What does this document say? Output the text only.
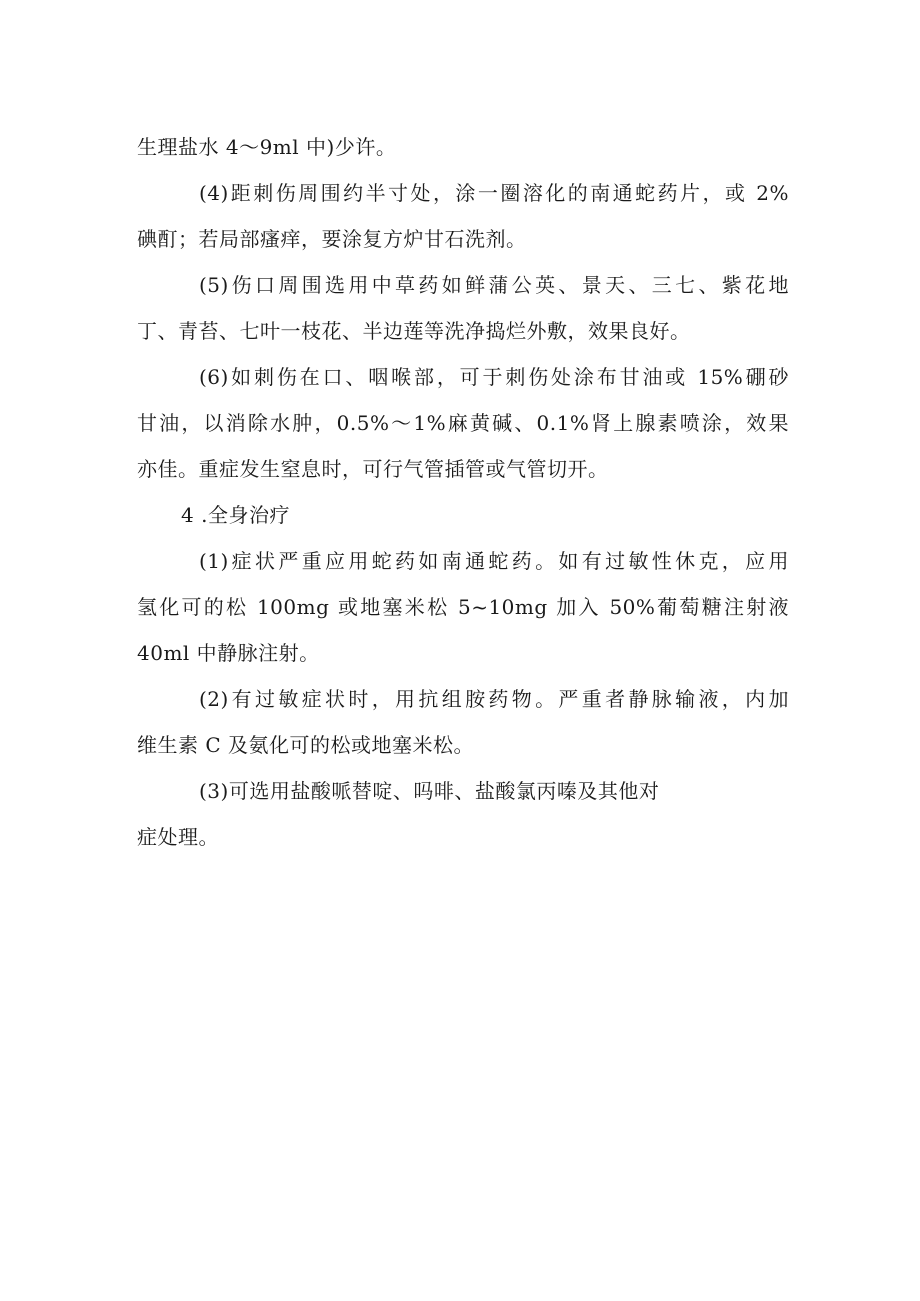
生理盐水 4～9ml 中)少许。
(4)距刺伤周围约半寸处，涂一圈溶化的南通蛇药片，或 2%
碘酊；若局部瘙痒，要涂复方炉甘石洗剂。
(5)伤口周围选用中草药如鲜蒲公英、景天、三七、紫花地
丁、青苔、七叶一枝花、半边莲等洗净捣烂外敷，效果良好。
(6)如刺伤在口、咽喉部，可于刺伤处涂布甘油或 15%硼砂
甘油，以消除水肿，0.5%～1%麻黄碱、0.1%肾上腺素喷涂，效果
亦佳。重症发生窒息时，可行气管插管或气管切开。
4 .全身治疗
(1)症状严重应用蛇药如南通蛇药。如有过敏性休克，应用
氢化可的松 100mg 或地塞米松 5~10mg 加入 50%葡萄糖注射液
40ml 中静脉注射。
(2)有过敏症状时，用抗组胺药物。严重者静脉输液，内加
维生素 C 及氨化可的松或地塞米松。
(3)可选用盐酸哌替啶、吗啡、盐酸氯丙嗪及其他对
症处理。
